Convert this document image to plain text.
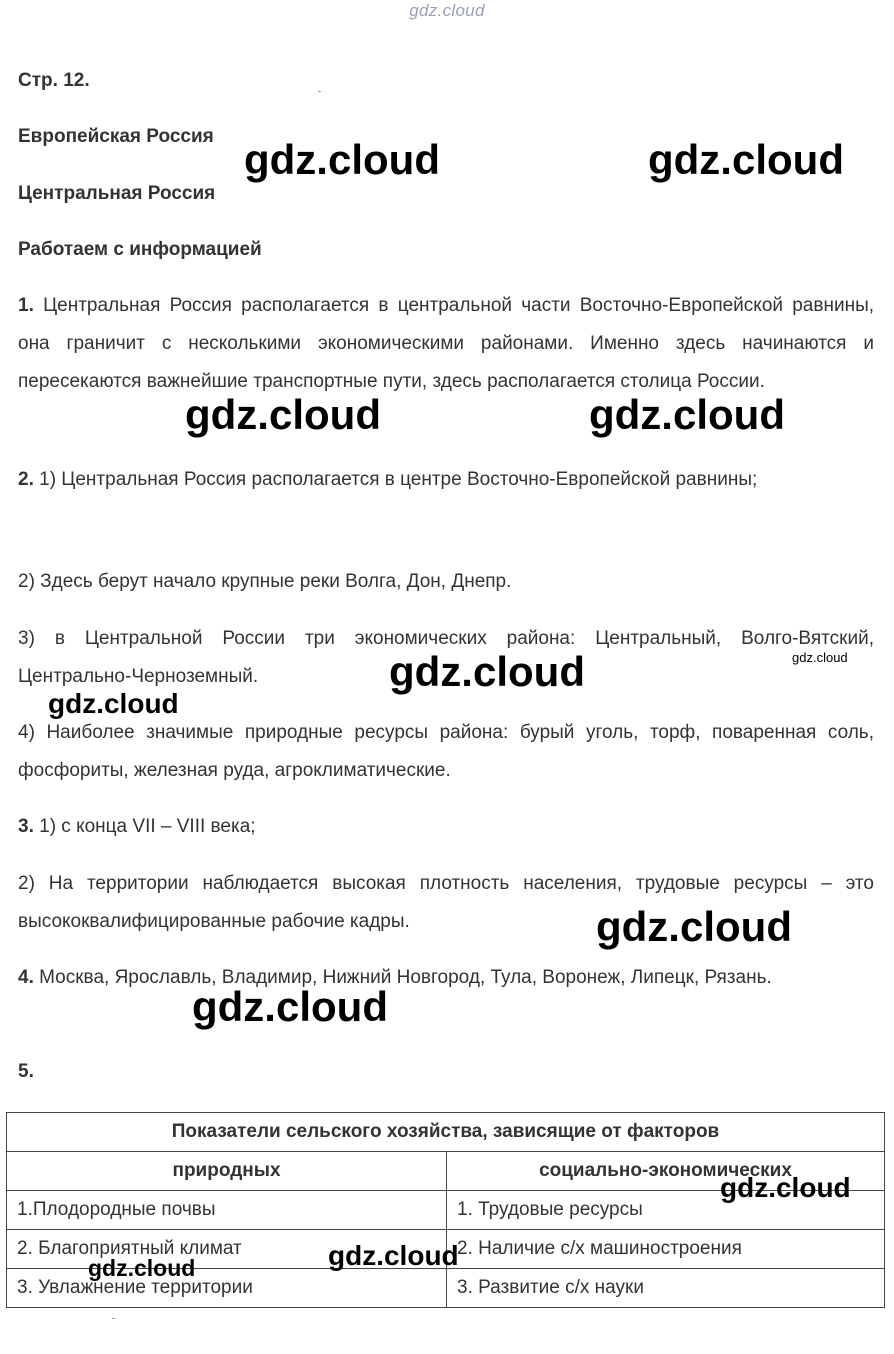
gdz.cloud
Стр. 12.
Европейская Россия
Центральная Россия
Работаем с информацией

1. Центральная Россия располагается в центральной части Восточно-Европейской равнины, она граничит с несколькими экономическими районами. Именно здесь начинаются и пересекаются важнейшие транспортные пути, здесь располагается столица России.

2. 1) Центральная Россия располагается в центре Восточно-Европейской равнины;

2) Здесь берут начало крупные реки Волга, Дон, Днепр.

3) в Центральной России три экономических района: Центральный, Волго-Вятский, Центрально-Черноземный.

4) Наиболее значимые природные ресурсы района: бурый уголь, торф, поваренная соль, фосфориты, железная руда, агроклиматические.

3. 1) с конца VII – VIII века;

2) На территории наблюдается высокая плотность населения, трудовые ресурсы – это высококвалифицированные рабочие кадры.

4. Москва, Ярославль, Владимир, Нижний Новгород, Тула, Воронеж, Липецк, Рязань.

5.

Показатели сельского хозяйства, зависящие от факторов	
природных	социально-экономических
1.Плодородные почвы	1. Трудовые ресурсы
2. Благоприятный климат	2. Наличие с/х машиностроения
3. Увлажнение территории	3. Развитие с/х науки
gdz.cloud	gdz.cloud
gdz.cloud	gdz.cloud
gdz.cloud	gdz.cloud
gdz.cloud
gdz.cloud
gdz.cloud
gdz.cloud
gdz.cloud
gdz.cloud
